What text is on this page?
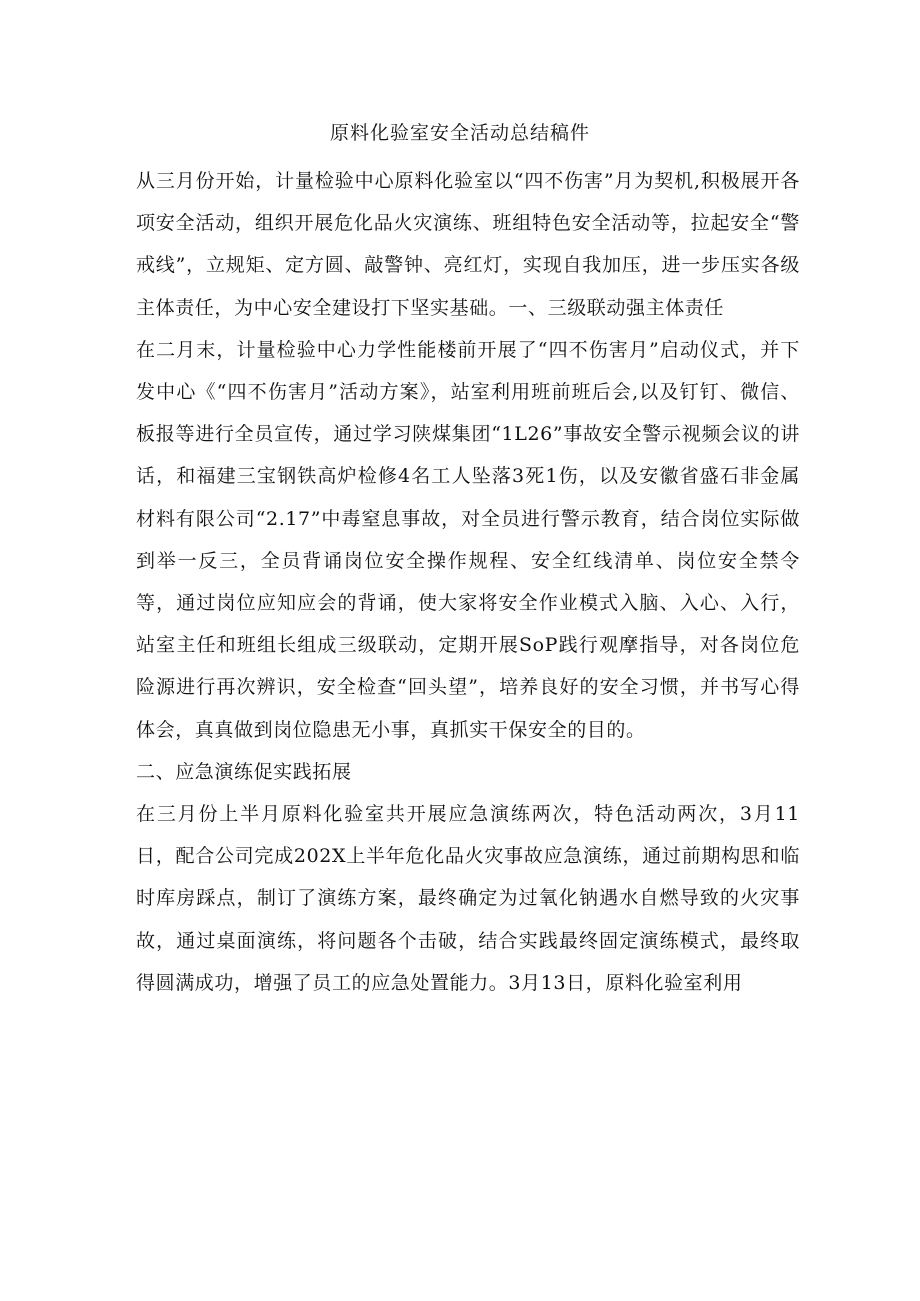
原料化验室安全活动总结稿件

从三月份开始，计量检验中心原料化验室以“四不伤害”月为契机,积极展开各项安全活动，组织开展危化品火灾演练、班组特色安全活动等，拉起安全“警戒线”，立规矩、定方圆、敲警钟、亮红灯，实现自我加压，进一步压实各级主体责任，为中心安全建设打下坚实基础。一、三级联动强主体责任

在二月末，计量检验中心力学性能楼前开展了“四不伤害月”启动仪式，并下发中心《“四不伤害月”活动方案》，站室利用班前班后会,以及钉钉、微信、板报等进行全员宣传，通过学习陕煤集团“1L26”事故安全警示视频会议的讲话，和福建三宝钢铁高炉检修4名工人坠落3死1伤，以及安徽省盛石非金属材料有限公司“2.17”中毒窒息事故，对全员进行警示教育，结合岗位实际做到举一反三，全员背诵岗位安全操作规程、安全红线清单、岗位安全禁令等，通过岗位应知应会的背诵，使大家将安全作业模式入脑、入心、入行，站室主任和班组长组成三级联动，定期开展SoP践行观摩指导，对各岗位危险源进行再次辨识，安全检查“回头望”，培养良好的安全习惯，并书写心得体会，真真做到岗位隐患无小事，真抓实干保安全的目的。

二、应急演练促实践拓展

在三月份上半月原料化验室共开展应急演练两次，特色活动两次，3月11日，配合公司完成202X上半年危化品火灾事故应急演练，通过前期构思和临时库房踩点，制订了演练方案，最终确定为过氧化钠遇水自燃导致的火灾事故，通过桌面演练，将问题各个击破，结合实践最终固定演练模式，最终取得圆满成功，增强了员工的应急处置能力。3月13日，原料化验室利用
